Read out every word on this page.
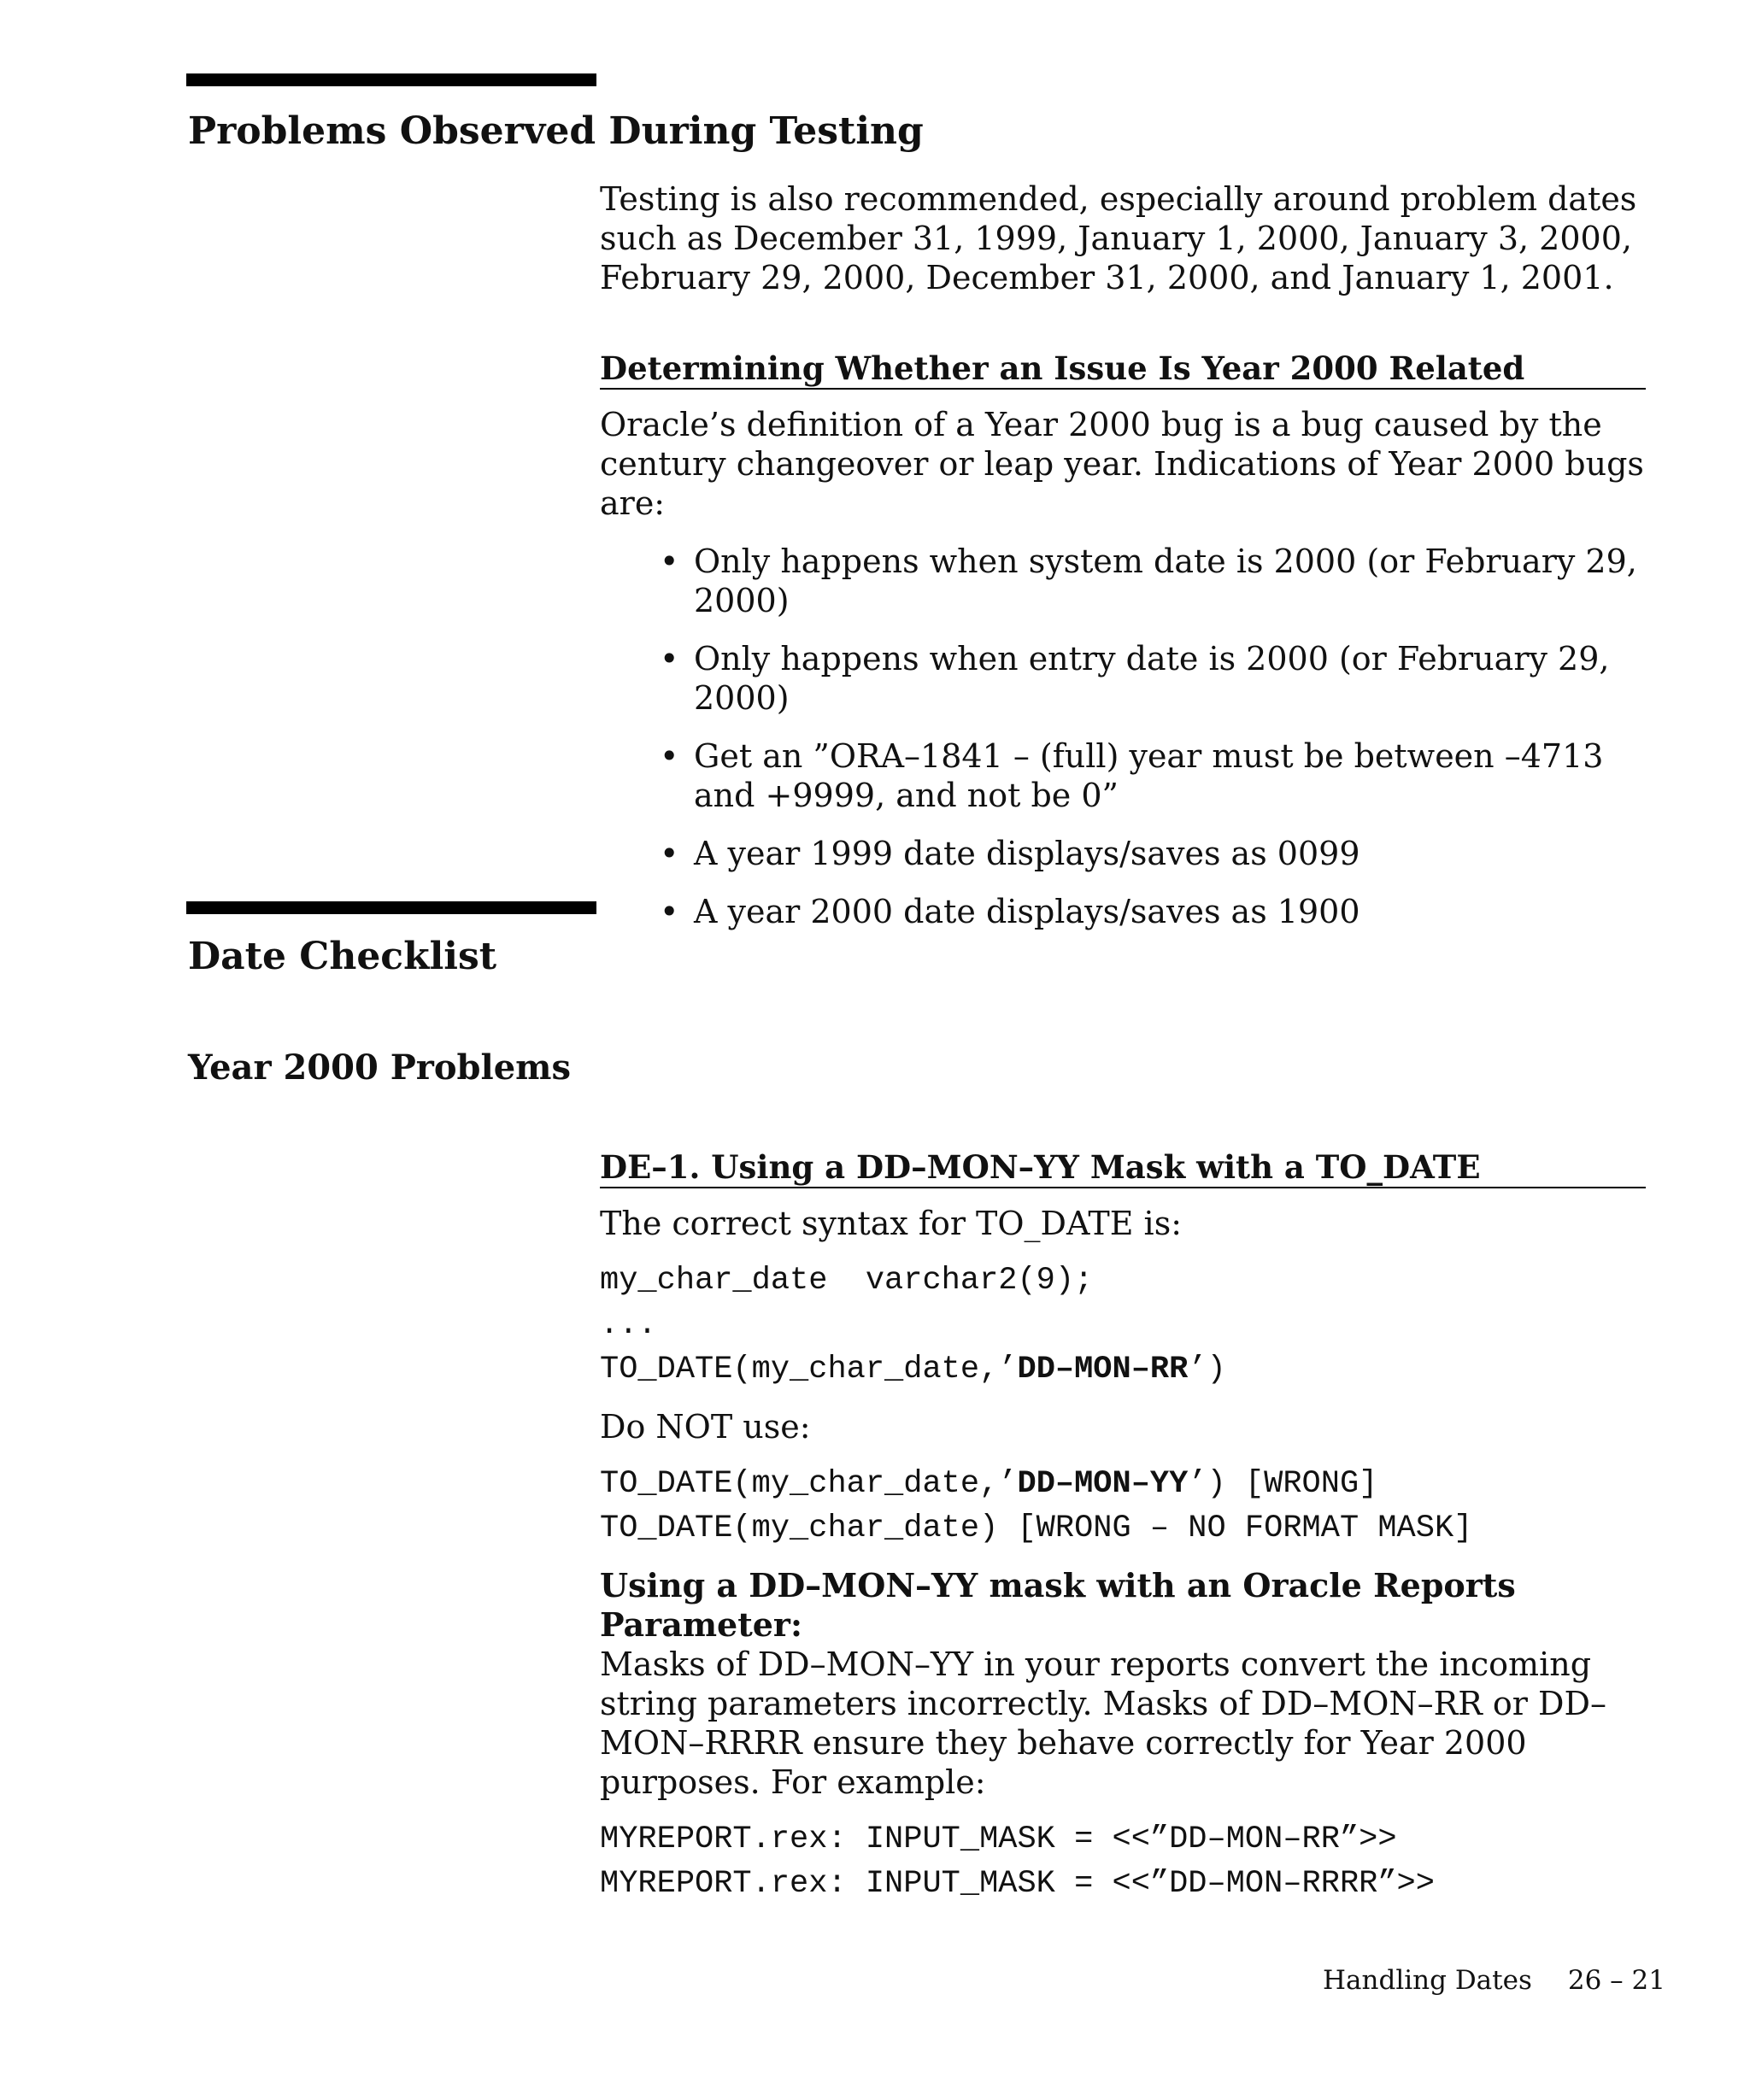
Problems Observed During Testing

Testing is also recommended, especially around problem dates such as December 31, 1999, January 1, 2000, January 3, 2000, February 29, 2000, December 31, 2000, and January 1, 2001.

Determining Whether an Issue Is Year 2000 Related

Oracle’s definition of a Year 2000 bug is a bug caused by the century changeover or leap year. Indications of Year 2000 bugs are:

• Only happens when system date is 2000 (or February 29, 2000)
• Only happens when entry date is 2000 (or February 29, 2000)
• Get an ”ORA–1841 – (full) year must be between –4713 and +9999, and not be 0”
• A year 1999 date displays/saves as 0099
• A year 2000 date displays/saves as 1900
Date Checklist
Year 2000 Problems
DE–1. Using a DD–MON–YY Mask with a TO_DATE

The correct syntax for TO_DATE is:

my_char_date  varchar2(9);
...
TO_DATE(my_char_date,’DD–MON–RR’)

Do NOT use:

TO_DATE(my_char_date,’DD–MON–YY’) [WRONG]
TO_DATE(my_char_date) [WRONG – NO FORMAT MASK]

Using a DD–MON–YY mask with an Oracle Reports Parameter:
Masks of DD–MON–YY in your reports convert the incoming string parameters incorrectly. Masks of DD–MON–RR or DD–MON–RRRR ensure they behave correctly for Year 2000 purposes. For example:

MYREPORT.rex: INPUT_MASK = <<”DD–MON–RR”>>
MYREPORT.rex: INPUT_MASK = <<”DD–MON–RRRR”>>
Handling Dates 26 – 21
